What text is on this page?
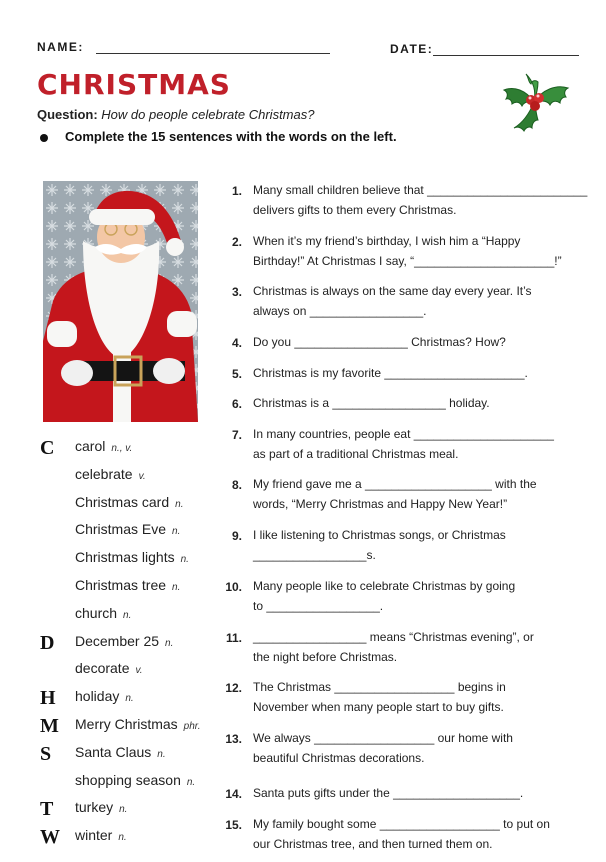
NAME:	DATE:
CHRISTMAS
Question: How do people celebrate Christmas?
Complete the 15 sentences with the words on the left.
C carol n., v.
celebrate v.
Christmas card n.
Christmas Eve n.
Christmas lights n.
Christmas tree n.
church n.
D December 25 n.
decorate v.
H holiday n.
M Merry Christmas phr.
S Santa Claus n.
shopping season n.
T turkey n.
W winter n.
1. Many small children believe that ________________________
delivers gifts to them every Christmas.
2. When it’s my friend’s birthday, I wish him a “Happy
Birthday!” At Christmas I say, “_____________________!”
3. Christmas is always on the same day every year. It’s
always on _________________.
4. Do you _________________ Christmas? How?
5. Christmas is my favorite _____________________.
6. Christmas is a _________________ holiday.
7. In many countries, people eat _____________________
as part of a traditional Christmas meal.
8. My friend gave me a ___________________ with the
words, “Merry Christmas and Happy New Year!”
9. I like listening to Christmas songs, or Christmas
_________________s.
10. Many people like to celebrate Christmas by going
to _________________.
11. _________________ means “Christmas evening”, or
the night before Christmas.
12. The Christmas __________________ begins in
November when many people start to buy gifts.
13. We always __________________ our home with
beautiful Christmas decorations.
14. Santa puts gifts under the ___________________.
15. My family bought some __________________ to put on
our Christmas tree, and then turned them on.
